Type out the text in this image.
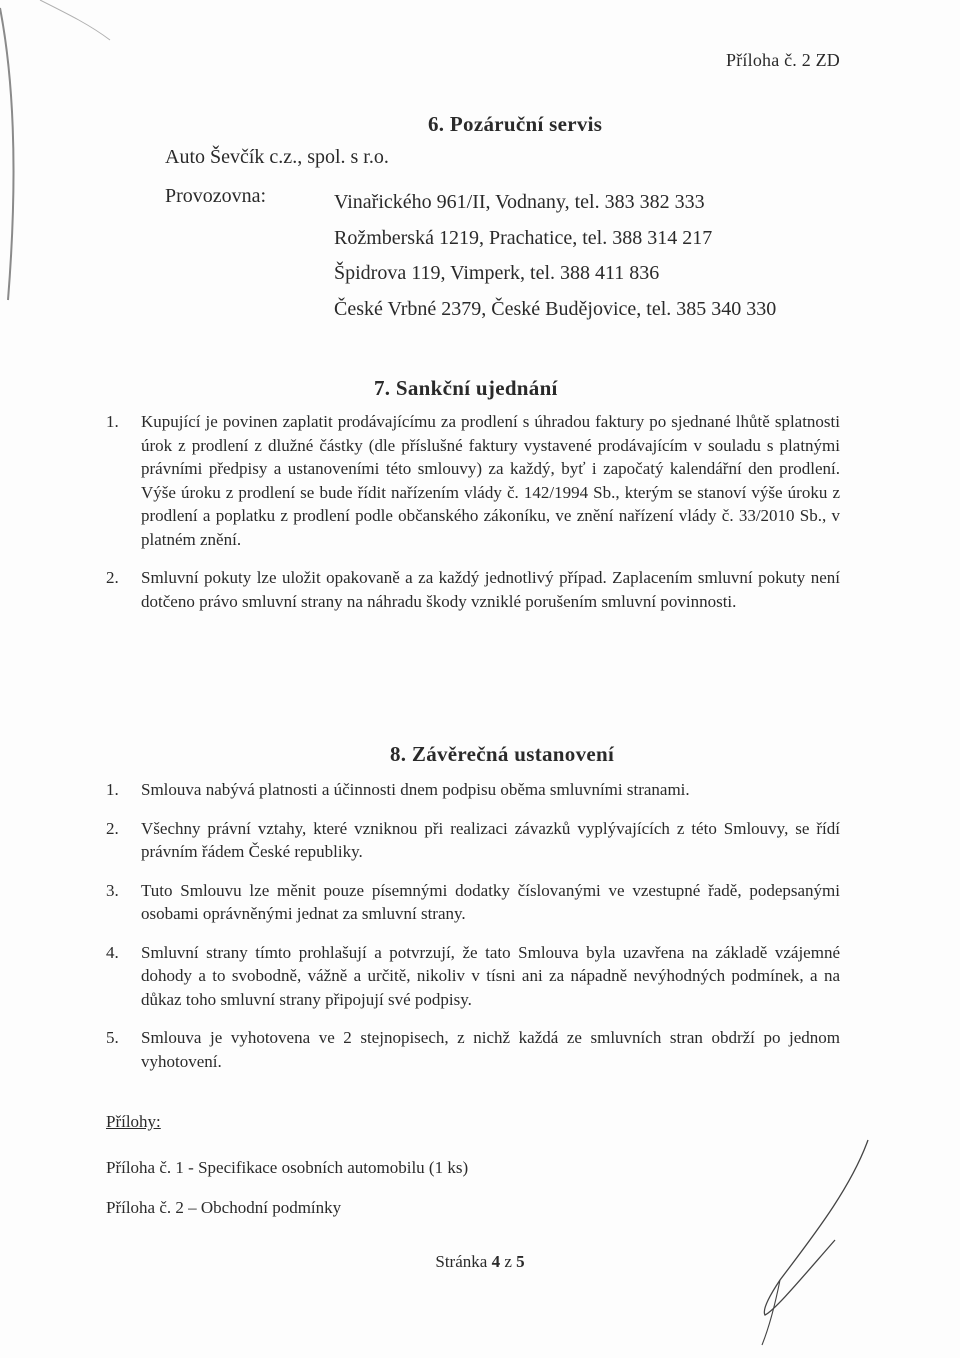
Příloha č. 2 ZD
6. Pozáruční servis
Auto Ševčík c.z., spol. s r.o.
Provozovna:	Vinařického 961/II, Vodnany, tel. 383 382 333
Rožmberská 1219, Prachatice, tel. 388 314 217
Špidrova 119, Vimperk, tel. 388 411 836
České Vrbné 2379, České Budějovice, tel. 385 340 330
7. Sankční ujednání

1. Kupující je povinen zaplatit prodávajícímu za prodlení s úhradou faktury po sjednané lhůtě splatnosti úrok z prodlení z dlužné částky (dle příslušné faktury vystavené prodávajícím v souladu s platnými právními předpisy a ustanoveními této smlouvy) za každý, byť i započatý kalendářní den prodlení. Výše úroku z prodlení se bude řídit nařízením vlády č. 142/1994 Sb., kterým se stanoví výše úroku z prodlení a poplatku z prodlení podle občanského zákoníku, ve znění nařízení vlády č. 33/2010 Sb., v platném znění.

2. Smluvní pokuty lze uložit opakovaně a za každý jednotlivý případ. Zaplacením smluvní pokuty není dotčeno právo smluvní strany na náhradu škody vzniklé porušením smluvní povinnosti.

8. Závěrečná ustanovení

1. Smlouva nabývá platnosti a účinnosti dnem podpisu oběma smluvními stranami.

2. Všechny právní vztahy, které vzniknou při realizaci závazků vyplývajících z této Smlouvy, se řídí právním řádem České republiky.

3. Tuto Smlouvu lze měnit pouze písemnými dodatky číslovanými ve vzestupné řadě, podepsanými osobami oprávněnými jednat za smluvní strany.

4. Smluvní strany tímto prohlašují a potvrzují, že tato Smlouva byla uzavřena na základě vzájemné dohody a to svobodně, vážně a určitě, nikoliv v tísni ani za nápadně nevýhodných podmínek, a na důkaz toho smluvní strany připojují své podpisy.

5. Smlouva je vyhotovena ve 2 stejnopisech, z nichž každá ze smluvních stran obdrží po jednom vyhotovení.

Přílohy:
Příloha č. 1 - Specifikace osobních automobilu (1 ks)
Příloha č. 2 – Obchodní podmínky
Stránka 4 z 5
